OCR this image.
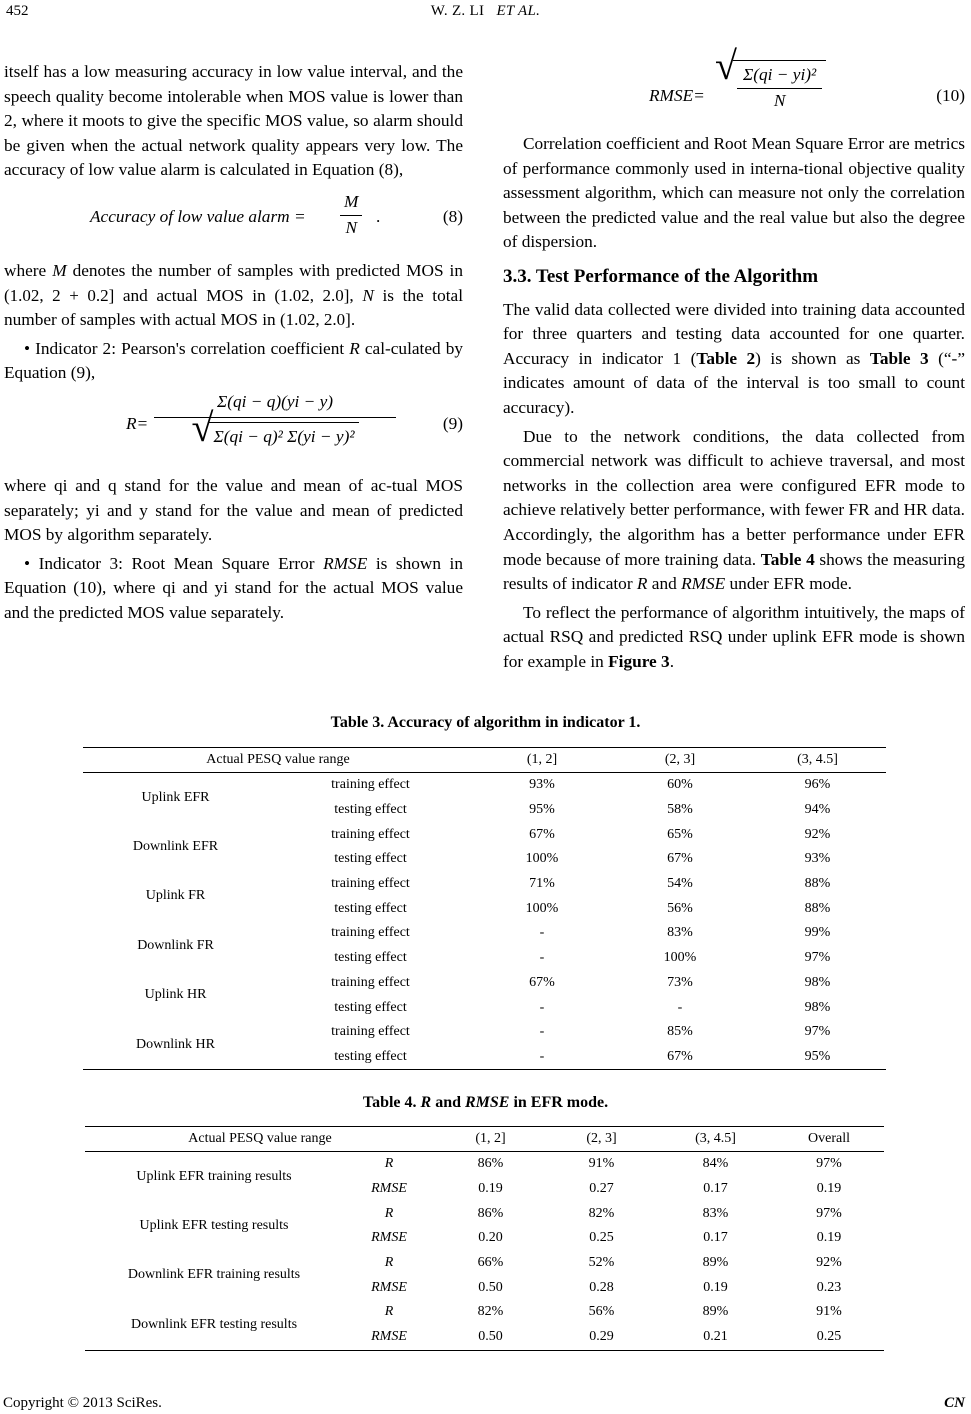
452	W. Z. LI ET AL.

itself has a low measuring accuracy in low value interval, and the speech quality become intolerable when MOS value is lower than 2, where it moots to give the specific MOS value, so alarm should be given when the actual network quality appears very low. The accuracy of low value alarm is calculated in Equation (8),

Accuracy of low value alarm = $\frac{M}{N}$ .	(8)

where M denotes the number of samples with predicted MOS in (1.02, 2 + 0.2] and actual MOS in (1.02, 2.0], N is the total number of samples with actual MOS in (1.02, 2.0].

• Indicator 2: Pearson's correlation coefficient R cal-culated by Equation (9),

R=
Σ(qi − q)(yi − y)
√ Σ(qi − q)² Σ(yi − y)²
(9)

where qi and q stand for the value and mean of ac-tual MOS separately; yi and y stand for the value and mean of predicted MOS by algorithm separately.

• Indicator 3: Root Mean Square Error RMSE is shown in Equation (10), where qi and yi stand for the actual MOS value and the predicted MOS value separately.

RMSE= √ $\frac{\text{Σ(qi − yi)²}}{N}$	(10)

Correlation coefficient and Root Mean Square Error are metrics of performance commonly used in interna-tional objective quality assessment algorithm, which can measure not only the correlation between the predicted value and the real value but also the degree of dispersion.

3.3. Test Performance of the Algorithm

The valid data collected were divided into training data accounted for three quarters and testing data accounted for one quarter. Accuracy in indicator 1 (Table 2) is shown as Table 3 (“-” indicates amount of data of the interval is too small to count accuracy).

Due to the network conditions, the data collected from commercial network was difficult to achieve traversal, and most networks in the collection area were configured EFR mode to achieve relatively better performance, with fewer FR and HR data. Accordingly, the algorithm has a better performance under EFR mode because of more training data. Table 4 shows the measuring results of indicator R and RMSE under EFR mode.

To reflect the performance of algorithm intuitively, the maps of actual RSQ and predicted RSQ under uplink EFR mode is shown for example in Figure 3.

Table 3. Accuracy of algorithm in indicator 1.
Actual PESQ value range		(1, 2]	(2, 3]	(3, 4.5]
Uplink EFR	training effect	93%	60%	96%
	testing effect	95%	58%	94%
Downlink EFR	training effect	67%	65%	92%
	testing effect	100%	67%	93%
Uplink FR	training effect	71%	54%	88%
	testing effect	100%	56%	88%
Downlink FR	training effect	-	83%	99%
	testing effect	-	100%	97%
Uplink HR	training effect	67%	73%	98%
	testing effect	-	-	98%
Downlink HR	training effect	-	85%	97%
	testing effect	-	67%	95%
Table 4. R and RMSE in EFR mode.
Actual PESQ value range		(1, 2]	(2, 3]	(3, 4.5]	Overall
Uplink EFR training results	R	86%	91%	84%	97%
	RMSE	0.19	0.27	0.17	0.19
Uplink EFR testing results	R	86%	82%	83%	97%
	RMSE	0.20	0.25	0.17	0.19
Downlink EFR training results	R	66%	52%	89%	92%
	RMSE	0.50	0.28	0.19	0.23
Downlink EFR testing results	R	82%	56%	89%	91%
	RMSE	0.50	0.29	0.21	0.25
Copyright © 2013 SciRes.	CN
